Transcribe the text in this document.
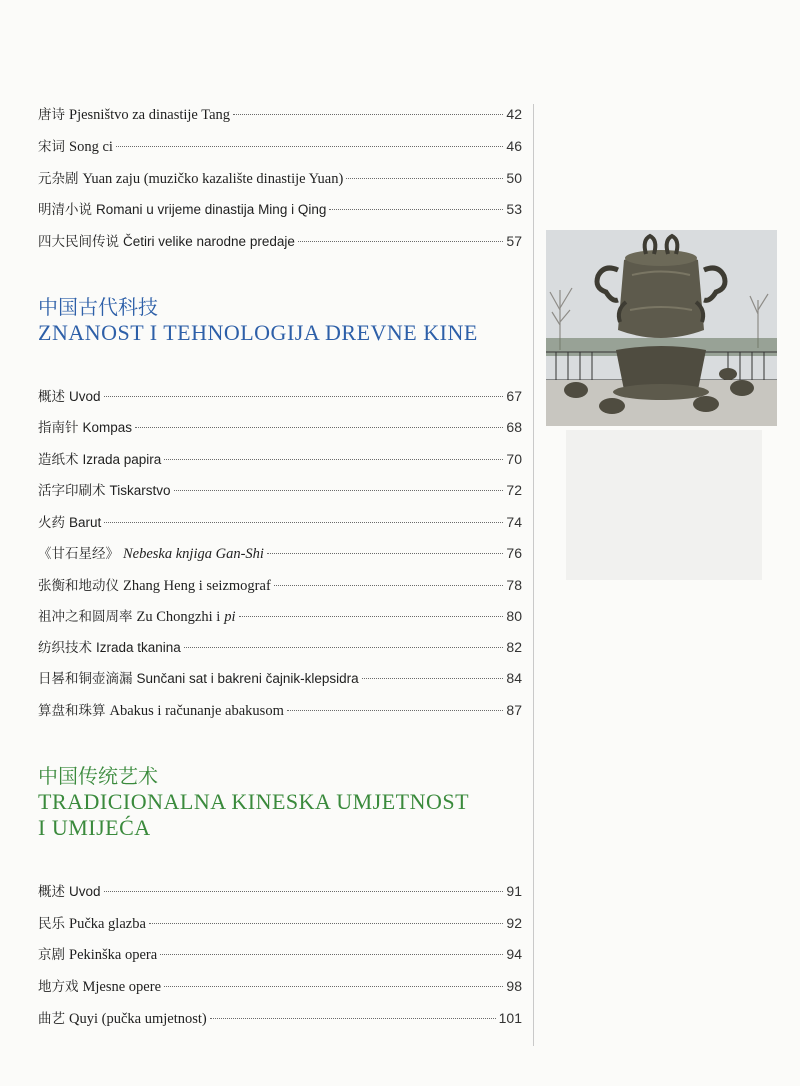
唐诗 Pjesništvo za dinastije Tang	42
宋词 Song ci	46
元杂剧 Yuan zaju (muzičko kazalište dinastije Yuan)	50
明清小说 Romani u vrijeme dinastija Ming i Qing	53
四大民间传说 Četiri velike narodne predaje	57
中国古代科技
ZNANOST I TEHNOLOGIJA DREVNE KINE
概述 Uvod	67
指南针 Kompas	68
造纸术 Izrada papira	70
活字印刷术 Tiskarstvo	72
火药 Barut	74
《甘石星经》 Nebeska knjiga Gan-Shi	76
张衡和地动仪 Zhang Heng i seizmograf	78
祖冲之和圆周率 Zu Chongzhi i pi	80
纺织技术 Izrada tkanina	82
日晷和铜壶滴漏 Sunčani sat i bakreni čajnik-klepsidra	84
算盘和珠算 Abakus i računanje abakusom	87
中国传统艺术
TRADICIONALNA KINESKA UMJETNOST
I UMIJEĆA
概述 Uvod	91
民乐 Pučka glazba	92
京剧 Pekinška opera	94
地方戏 Mjesne opere	98
曲艺 Quyi (pučka umjetnost)	101
